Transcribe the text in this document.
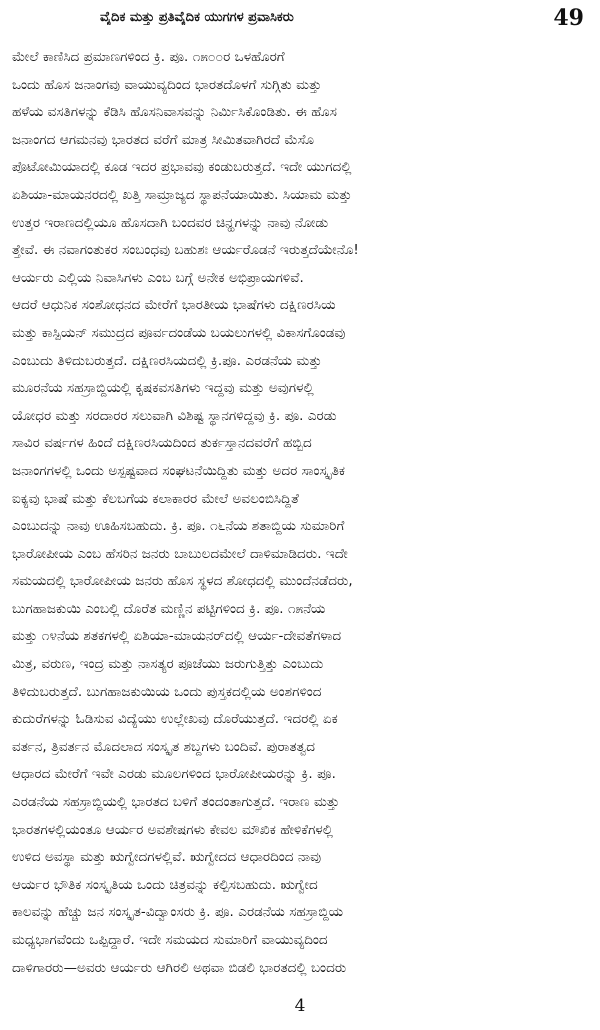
ವೈದಿಕ ಮತ್ತು ಪ್ರತಿವೈದಿಕ ಯುಗಗಳ ಪ್ರವಾಸಿಕರು	49
ಮೇಲೆ ಕಾಣಿಸಿದ ಪ್ರಮಾಣಗಳಿಂದ ಕ್ರಿ. ಪೂ. ೧೫೦೦ರ ಒಳಹೊರಗೆ
ಒಂದು ಹೊಸ ಜನಾಂಗವು ವಾಯುವ್ಯದಿಂದ ಭಾರತದೊಳಗೆ ಸುಗ್ಗಿತು ಮತ್ತು
ಹಳೆಯ ವಸತಿಗಳನ್ನು ಕೆಡಿಸಿ ಹೊಸನಿವಾಸವನ್ನು ನಿರ್ಮಿಸಿಕೊಂಡಿತು. ಈ ಹೊಸ
ಜನಾಂಗದ ಆಗಮನವು ಭಾರತದ ವರೆಗೆ ಮಾತ್ರ ಸೀಮಿತವಾಗಿರದೆ ಮೆಸೊ
ಪೊಟೋಮಿಯಾದಲ್ಲಿ ಕೂಡ ಇದರ ಪ್ರಭಾವವು ಕಂಡುಬರುತ್ತದೆ. ಇದೇ ಯುಗದಲ್ಲಿ
ಏಶಿಯಾ-ಮಾಯನರದಲ್ಲಿ ಖತ್ತಿ ಸಾಮ್ರಾಜ್ಯದ ಸ್ಥಾಪನೆಯಾಯಿತು. ಸಿಯಾಮ ಮತ್ತು
ಉತ್ತರ ಇರಾಣದಲ್ಲಿಯೂ ಹೊಸದಾಗಿ ಬಂದವರ ಚಿನ್ಹಗಳನ್ನು ನಾವು ನೋಡು
ತ್ತೇವೆ. ಈ ನವಾಗಂತುಕರ ಸಂಬಂಧವು ಬಹುಶಃ ಆರ್ಯರೊಡನೆ ಇರುತ್ತದೆಯೇನೊ!
ಆರ್ಯರು ಎಲ್ಲಿಯ ನಿವಾಸಿಗಳು ಎಂಬ ಬಗ್ಗೆ ಅನೇಕ ಅಭಿಪ್ರಾಯಗಳಿವೆ.
ಆದರೆ ಆಧುನಿಕ ಸಂಶೋಧನದ ಮೇರೆಗೆ ಭಾರತೀಯ ಭಾಷೆಗಳು ದಕ್ಷಿಣರಸಿಯ
ಮತ್ತು ಕಾಸ್ಪಿಯನ್ ಸಮುದ್ರದ ಪೂರ್ವದಂಡೆಯ ಬಯಲುಗಳಲ್ಲಿ ವಿಕಾಸಗೊಂಡವು
ಎಂಬುದು ತಿಳಿದುಬರುತ್ತದೆ. ದಕ್ಷಿಣರಸಿಯದಲ್ಲಿ ಕ್ರಿ.ಪೂ. ಎರಡನೆಯ ಮತ್ತು
ಮೂರನೆಯ ಸಹಸ್ರಾಬ್ದಿಯಲ್ಲಿ ಕೃಷಕವಸತಿಗಳು ಇದ್ದವು ಮತ್ತು ಅವುಗಳಲ್ಲಿ
ಯೋಧರ ಮತ್ತು ಸರದಾರರ ಸಲುವಾಗಿ ವಿಶಿಷ್ಟ ಸ್ಥಾನಗಳಿದ್ದವು ಕ್ರಿ. ಪೂ. ಎರಡು
ಸಾವಿರ ವರ್ಷಗಳ ಹಿಂದೆ ದಕ್ಷಿಣರಸಿಯದಿಂದ ತುರ್ಕಸ್ತಾನದವರೆಗೆ ಹಬ್ಬಿದ
ಜನಾಂಗಗಳಲ್ಲಿ ಒಂದು ಅಸ್ಪಷ್ಟವಾದ ಸಂಘಟನೆಯಿದ್ದಿತು ಮತ್ತು ಅದರ ಸಾಂಸ್ಕೃತಿಕ
ಐಕ್ಯವು ಭಾಷೆ ಮತ್ತು ಕೆಲಬಗೆಯ ಕಲಾಕಾರರ ಮೇಲೆ ಅವಲಂಬಿಸಿದ್ದಿತೆ
ಎಂಬುದನ್ನು ನಾವು ಊಹಿಸಬಹುದು. ಕ್ರಿ. ಪೂ. ೧೬ನೆಯ ಶತಾಬ್ದಿಯ ಸುಮಾರಿಗೆ
ಭಾರೋಪೀಯ ಎಂಬ ಹೆಸರಿನ ಜನರು ಬಾಬುಲದಮೇಲೆ ದಾಳಿಮಾಡಿದರು. ಇದೇ
ಸಮಯದಲ್ಲಿ ಭಾರೋಪೀಯ ಜನರು ಹೊಸ ಸ್ಥಳದ ಶೋಧದಲ್ಲಿ ಮುಂದೆನಡೆದರು,
ಬುಗಹಾಜಕುಯಿ ಎಂಬಲ್ಲಿ ದೊರೆತ ಮಣ್ಣಿನ ಪಟ್ಟಿಗಳಿಂದ ಕ್ರಿ. ಪೂ. ೧೫ನೆಯ
ಮತ್ತು ೧೪ನೆಯ ಶತಕಗಳಲ್ಲಿ ಏಶಿಯಾ-ಮಾಯನರ್‌ದಲ್ಲಿ ಆರ್ಯ-ದೇವತೆಗಳಾದ
ಮಿತ್ರ, ವರುಣ, ಇಂದ್ರ ಮತ್ತು ನಾಸತ್ಯರ ಪೂಜೆಯು ಜರುಗುತ್ತಿತ್ತು ಎಂಬುದು
ತಿಳಿದುಬರುತ್ತದೆ. ಬುಗಹಾಜಕುಯಿಯ ಒಂದು ಪುಸ್ತಕದಲ್ಲಿಯ ಅಂಶಗಳಿಂದ
ಕುದುರೆಗಳನ್ನು ಓಡಿಸುವ ವಿದ್ಯೆಯು ಉಲ್ಲೇಖವು ದೊರೆಯುತ್ತದೆ. ಇದರಲ್ಲಿ ಏಕ
ವರ್ತನ, ತ್ರಿವರ್ತನ ಮೊದಲಾದ ಸಂಸ್ಕೃತ ಶಬ್ದಗಳು ಬಂದಿವೆ. ಪುರಾತತ್ವದ
ಆಧಾರದ ಮೇರೆಗೆ ಇವೇ ಎರಡು ಮೂಲಗಳಿಂದ ಭಾರೋಪೀಯರನ್ನು ಕ್ರಿ. ಪೂ.
ಎರಡನೆಯ ಸಹಸ್ರಾಬ್ದಿಯಲ್ಲಿ ಭಾರತದ ಬಳಿಗೆ ತಂದಂತಾಗುತ್ತದೆ. ಇರಾಣ ಮತ್ತು
ಭಾರತಗಳಲ್ಲಿಯಂತೂ ಆರ್ಯರ ಅವಶೇಷಗಳು ಕೇವಲ ಮೌಖಿಕ ಹೇಳಿಕೆಗಳಲ್ಲಿ
ಉಳಿದ ಅವಸ್ಥಾ ಮತ್ತು ಋಗ್ವೇದಗಳಲ್ಲಿವೆ. ಋಗ್ವೇದದ ಆಧಾರದಿಂದ ನಾವು
ಆರ್ಯರ ಭೌತಿಕ ಸಂಸ್ಕೃತಿಯ ಒಂದು ಚಿತ್ರವನ್ನು ಕಲ್ಪಿಸಬಹುದು. ಋಗ್ವೇದ
ಕಾಲವನ್ನು ಹೆಚ್ಚು ಜನ ಸಂಸ್ಕೃತ-ವಿದ್ವಾಂಸರು ಕ್ರಿ. ಪೂ. ಎರಡನೆಯ ಸಹಸ್ರಾಬ್ದಿಯ
ಮಧ್ಯಭಾಗವೆಂದು ಒಪ್ಪಿದ್ದಾರೆ. ಇದೇ ಸಮಯದ ಸುಮಾರಿಗೆ ವಾಯುವ್ಯದಿಂದ
ದಾಳಿಗಾರರು—ಅವರು ಆರ್ಯರು ಆಗಿರಲಿ ಅಥವಾ ಬಿಡಲಿ ಭಾರತದಲ್ಲಿ ಬಂದರು
4
